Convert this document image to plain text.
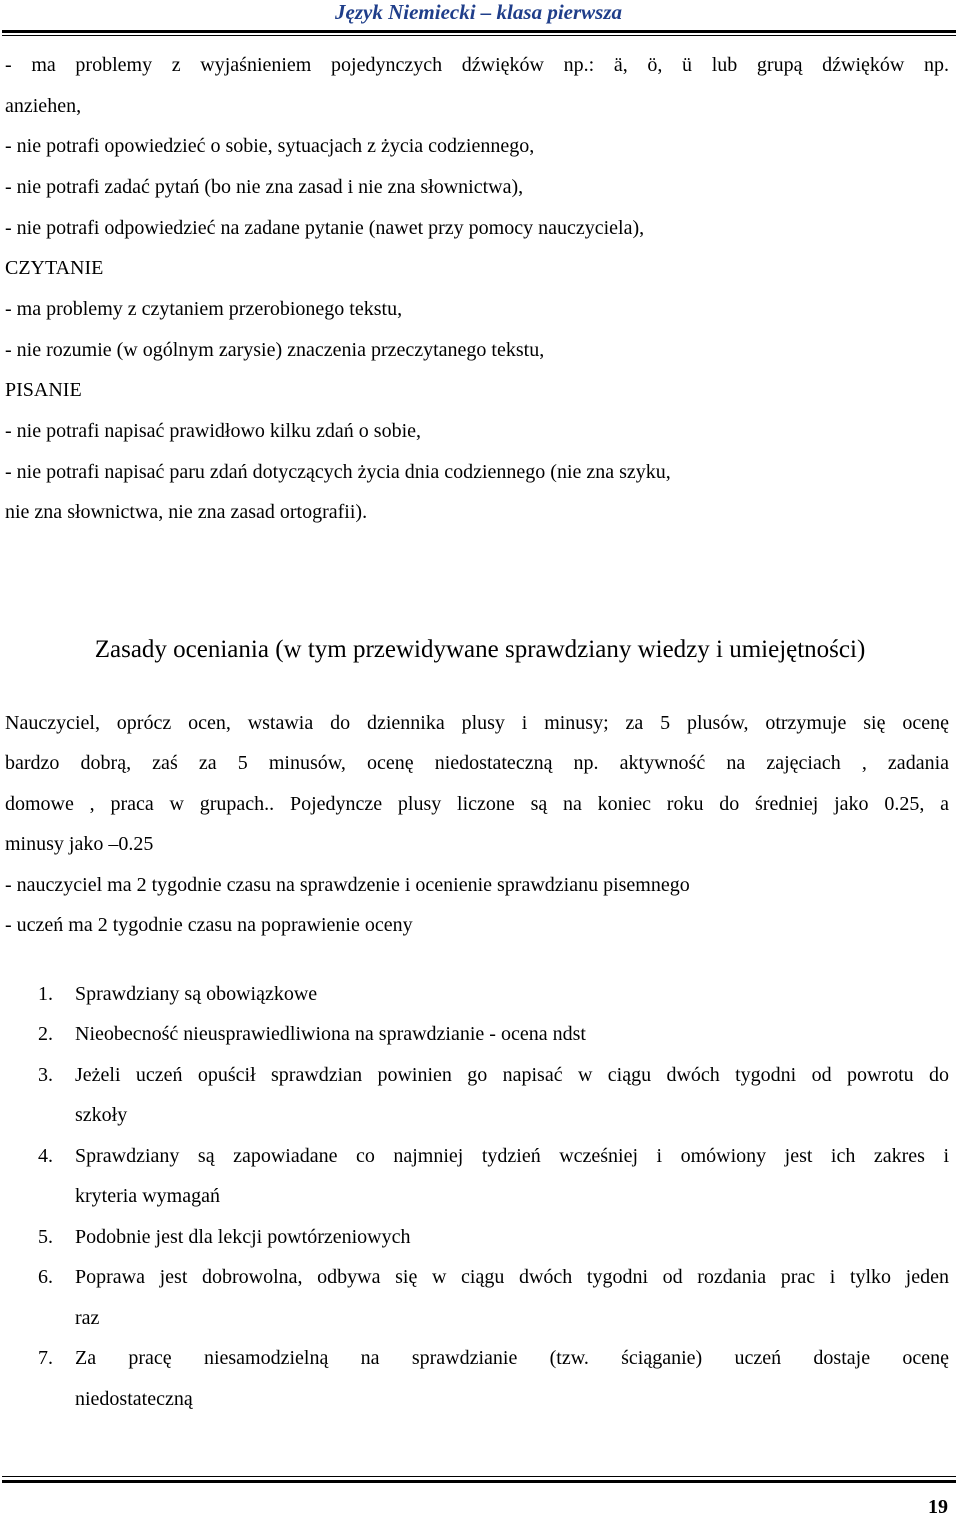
Język Niemiecki – klasa pierwsza
- ma problemy z wyjaśnieniem pojedynczych dźwięków np.: ä, ö, ü lub grupą dźwięków np.
anziehen,
- nie potrafi opowiedzieć o sobie, sytuacjach z życia codziennego,
- nie potrafi zadać pytań (bo nie zna zasad i nie zna słownictwa),
- nie potrafi odpowiedzieć na zadane pytanie (nawet przy pomocy nauczyciela),
CZYTANIE
- ma problemy z czytaniem przerobionego tekstu,
- nie rozumie (w ogólnym zarysie) znaczenia przeczytanego tekstu,
PISANIE
- nie potrafi napisać prawidłowo kilku zdań o sobie,
- nie potrafi napisać paru zdań dotyczących życia dnia codziennego (nie zna szyku,
nie zna słownictwa, nie zna zasad ortografii).
Zasady oceniania (w tym przewidywane sprawdziany wiedzy i umiejętności)
Nauczyciel, oprócz ocen, wstawia do dziennika plusy i minusy; za 5 plusów, otrzymuje się ocenę
bardzo dobrą, zaś za 5 minusów, ocenę niedostateczną np. aktywność na zajęciach , zadania
domowe , praca w grupach.. Pojedyncze plusy liczone są na koniec roku do średniej jako 0.25, a
minusy jako –0.25
- nauczyciel ma 2 tygodnie czasu na sprawdzenie i ocenienie sprawdzianu pisemnego
- uczeń ma 2 tygodnie czasu na poprawienie oceny
1. Sprawdziany są obowiązkowe
2. Nieobecność nieusprawiedliwiona na sprawdzianie - ocena ndst
3. Jeżeli uczeń opuścił sprawdzian powinien go napisać w ciągu dwóch tygodni od powrotu do
szkoły
4. Sprawdziany są zapowiadane co najmniej tydzień wcześniej i omówiony jest ich zakres i
kryteria wymagań
5. Podobnie jest dla lekcji powtórzeniowych
6. Poprawa jest dobrowolna, odbywa się w ciągu dwóch tygodni od rozdania prac i tylko jeden
raz
7. Za pracę niesamodzielną na sprawdzianie (tzw. ściąganie) uczeń dostaje ocenę
niedostateczną
19
